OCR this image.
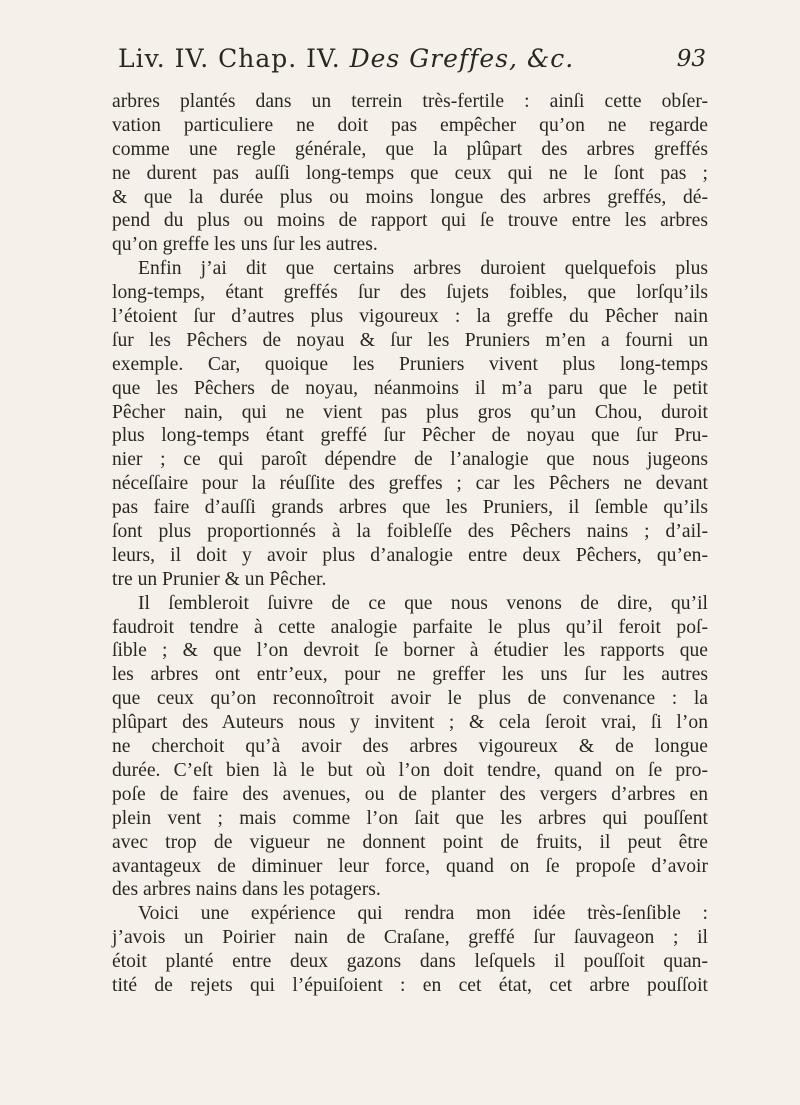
Liv. IV. Chap. IV. Des Greffes, &c.	93
arbres plantés dans un terrein très-fertile : ainſi cette obſer-
vation particuliere ne doit pas empêcher qu’on ne regarde
comme une regle générale, que la plûpart des arbres greffés
ne durent pas auſſi long-temps que ceux qui ne le ſont pas ;
& que la durée plus ou moins longue des arbres greffés, dé-
pend du plus ou moins de rapport qui ſe trouve entre les arbres
qu’on greffe les uns ſur les autres.
Enfin j’ai dit que certains arbres duroient quelquefois plus
long-temps, étant greffés ſur des ſujets foibles, que lorſqu’ils
l’étoient ſur d’autres plus vigoureux : la greffe du Pêcher nain
ſur les Pêchers de noyau & ſur les Pruniers m’en a fourni un
exemple. Car, quoique les Pruniers vivent plus long-temps
que les Pêchers de noyau, néanmoins il m’a paru que le petit
Pêcher nain, qui ne vient pas plus gros qu’un Chou, duroit
plus long-temps étant greffé ſur Pêcher de noyau que ſur Pru-
nier ; ce qui paroît dépendre de l’analogie que nous jugeons
néceſſaire pour la réuſſite des greffes ; car les Pêchers ne devant
pas faire d’auſſi grands arbres que les Pruniers, il ſemble qu’ils
ſont plus proportionnés à la foibleſſe des Pêchers nains ; d’ail-
leurs, il doit y avoir plus d’analogie entre deux Pêchers, qu’en-
tre un Prunier & un Pêcher.
Il ſembleroit ſuivre de ce que nous venons de dire, qu’il
faudroit tendre à cette analogie parfaite le plus qu’il feroit poſ-
ſible ; & que l’on devroit ſe borner à étudier les rapports que
les arbres ont entr’eux, pour ne greffer les uns ſur les autres
que ceux qu’on reconnoîtroit avoir le plus de convenance : la
plûpart des Auteurs nous y invitent ; & cela ſeroit vrai, ſi l’on
ne cherchoit qu’à avoir des arbres vigoureux & de longue
durée. C’eſt bien là le but où l’on doit tendre, quand on ſe pro-
poſe de faire des avenues, ou de planter des vergers d’arbres en
plein vent ; mais comme l’on ſait que les arbres qui pouſſent
avec trop de vigueur ne donnent point de fruits, il peut être
avantageux de diminuer leur force, quand on ſe propoſe d’avoir
des arbres nains dans les potagers.
Voici une expérience qui rendra mon idée très-ſenſible :
j’avois un Poirier nain de Craſane, greffé ſur ſauvageon ; il
étoit planté entre deux gazons dans leſquels il pouſſoit quan-
tité de rejets qui l’épuiſoient : en cet état, cet arbre pouſſoit
